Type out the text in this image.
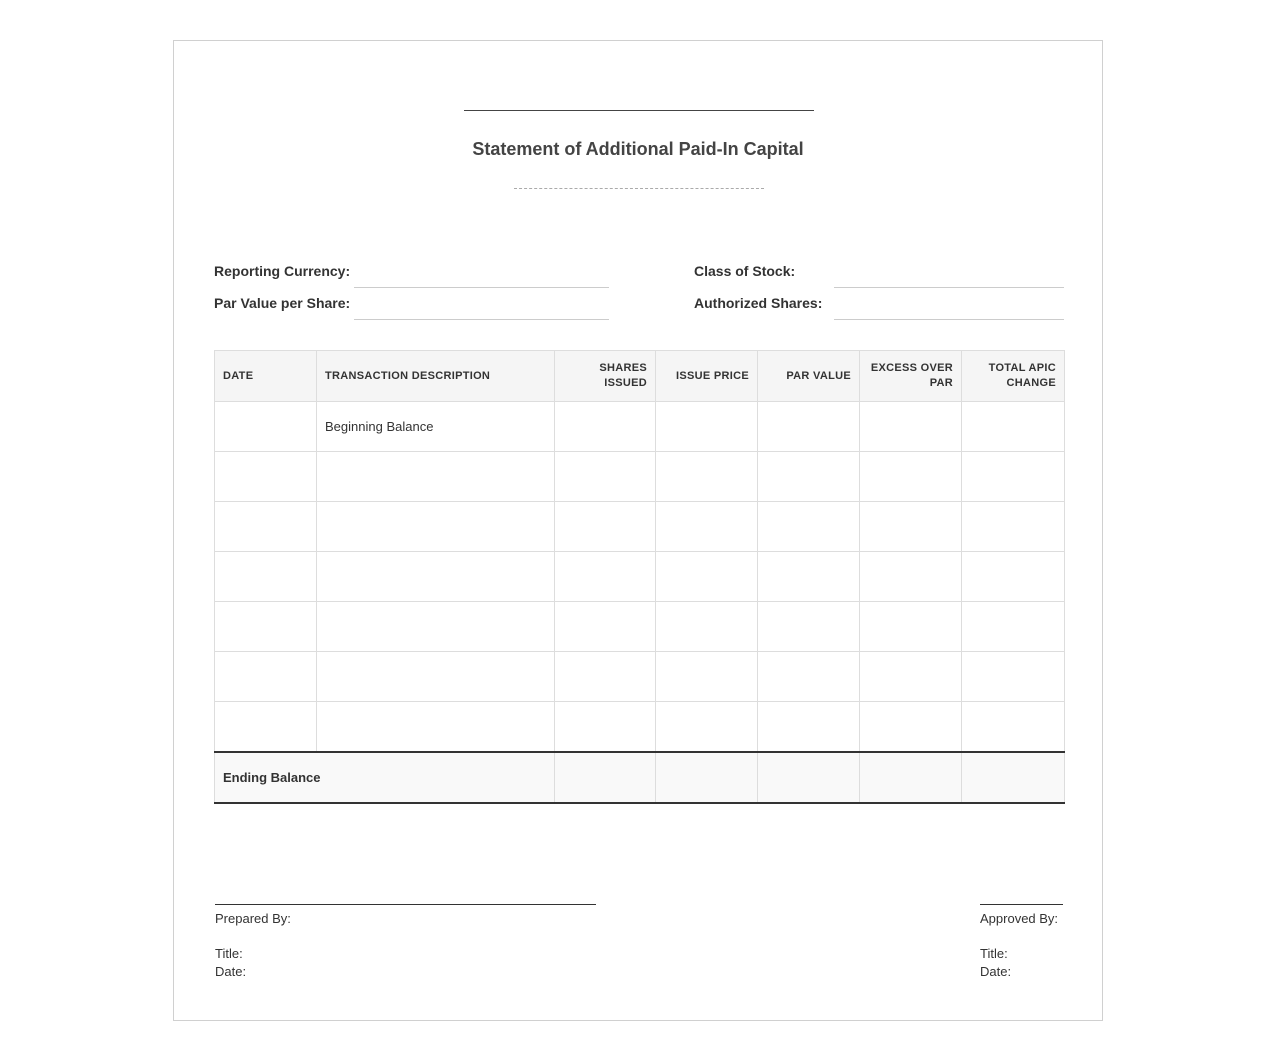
Statement of Additional Paid-In Capital
Reporting Currency:
Par Value per Share:
Class of Stock:
Authorized Shares:
DATE	TRANSACTION DESCRIPTION	SHARES ISSUED	ISSUE PRICE	PAR VALUE	EXCESS OVER PAR	TOTAL APIC CHANGE
	Beginning Balance					

Ending Balance						
Prepared By:
Title:
Date:
Approved By:
Title:
Date:
